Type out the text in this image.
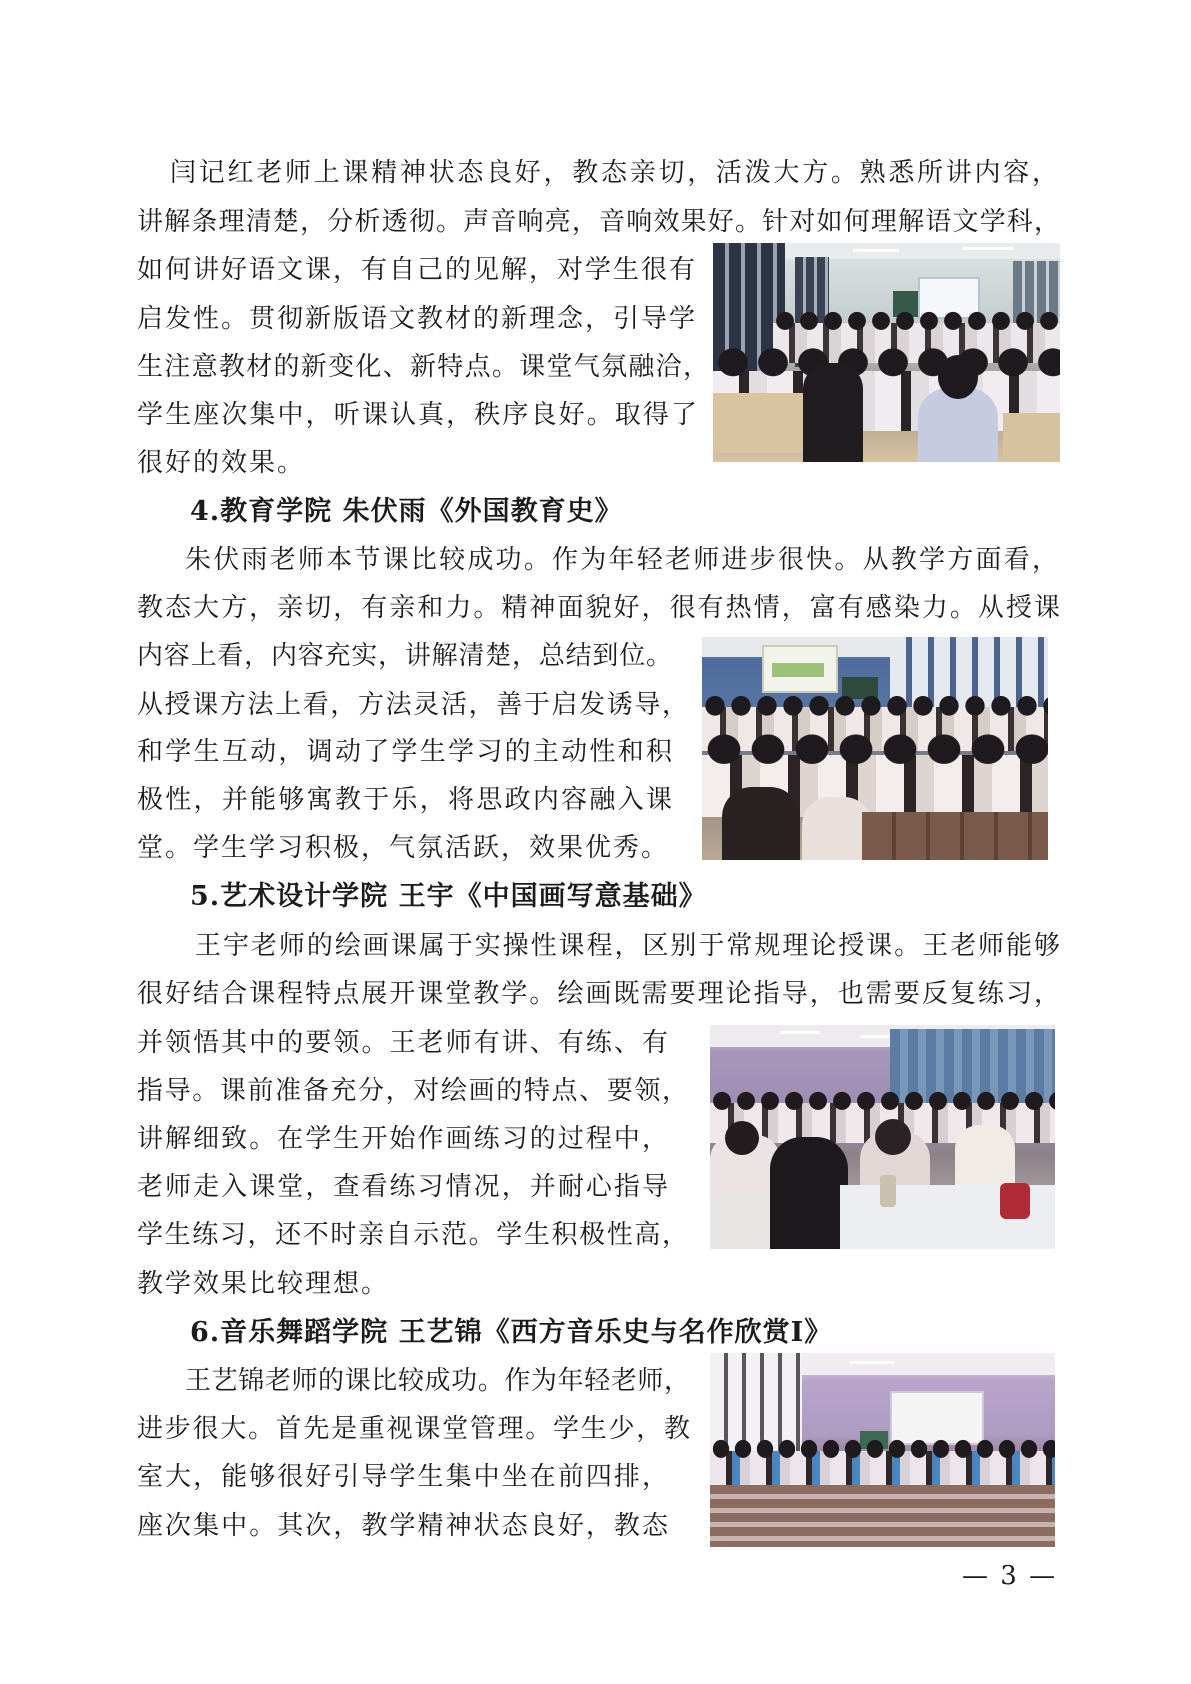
闫记红老师上课精神状态良好，教态亲切，活泼大方。熟悉所讲内容，
讲解条理清楚，分析透彻。声音响亮，音响效果好。针对如何理解语文学科，
如何讲好语文课，有自己的见解，对学生很有
启发性。贯彻新版语文教材的新理念，引导学
生注意教材的新变化、新特点。课堂气氛融洽，
学生座次集中，听课认真，秩序良好。取得了
很好的效果。
4.教育学院 朱伏雨《外国教育史》
朱伏雨老师本节课比较成功。作为年轻老师进步很快。从教学方面看，
教态大方，亲切，有亲和力。精神面貌好，很有热情，富有感染力。从授课
内容上看，内容充实，讲解清楚，总结到位。
从授课方法上看，方法灵活，善于启发诱导，
和学生互动，调动了学生学习的主动性和积
极性，并能够寓教于乐，将思政内容融入课
堂。学生学习积极，气氛活跃，效果优秀。
5.艺术设计学院 王宇《中国画写意基础》
王宇老师的绘画课属于实操性课程，区别于常规理论授课。王老师能够
很好结合课程特点展开课堂教学。绘画既需要理论指导，也需要反复练习，
并领悟其中的要领。王老师有讲、有练、有
指导。课前准备充分，对绘画的特点、要领，
讲解细致。在学生开始作画练习的过程中，
老师走入课堂，查看练习情况，并耐心指导
学生练习，还不时亲自示范。学生积极性高，
教学效果比较理想。
6.音乐舞蹈学院 王艺锦《西方音乐史与名作欣赏Ⅰ》
王艺锦老师的课比较成功。作为年轻老师，
进步很大。首先是重视课堂管理。学生少，教
室大，能够很好引导学生集中坐在前四排，
座次集中。其次，教学精神状态良好，教态
— 3 —
